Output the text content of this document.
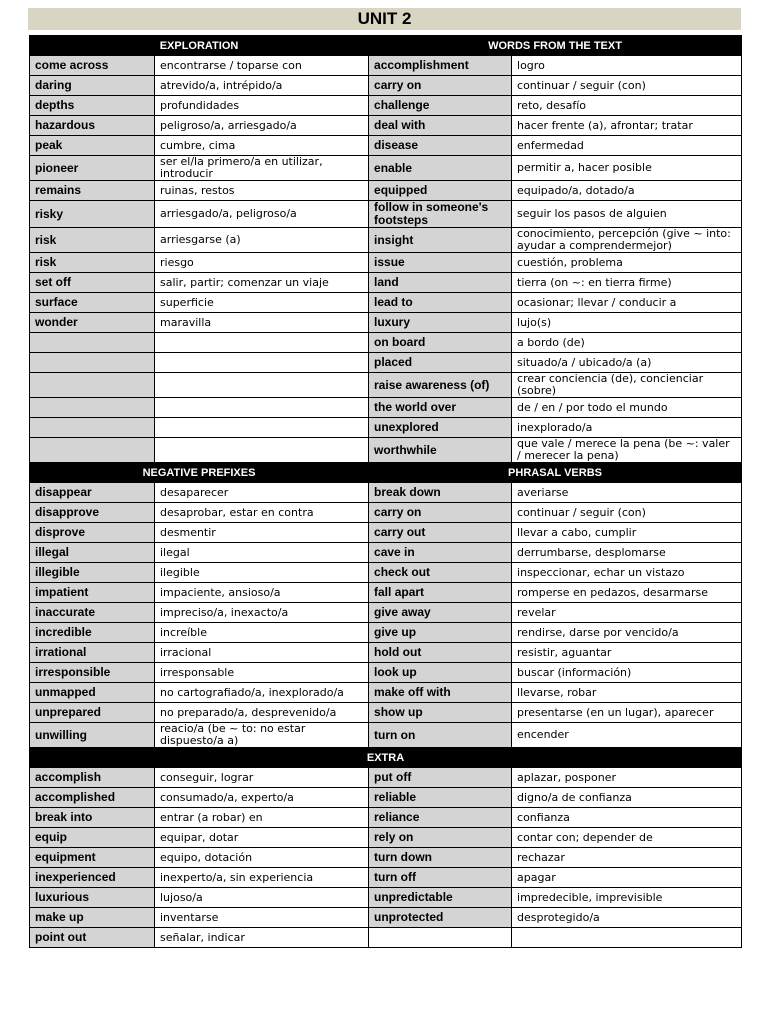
UNIT 2
EXPLORATION		WORDS FROM THE TEXT	
come across	encontrarse / toparse con	accomplishment	logro
daring	atrevido/a, intrépido/a	carry on	continuar / seguir (con)
depths	profundidades	challenge	reto, desafío
hazardous	peligroso/a, arriesgado/a	deal with	hacer frente (a), afrontar; tratar
peak	cumbre, cima	disease	enfermedad
pioneer	ser el/la primero/a en utilizar, introducir	enable	permitir a, hacer posible
remains	ruinas, restos	equipped	equipado/a, dotado/a
risky	arriesgado/a, peligroso/a	follow in someone's footsteps	seguir los pasos de alguien
risk	arriesgarse (a)	insight	conocimiento, percepción (give ~ into: ayudar a comprendermejor)
risk	riesgo	issue	cuestión, problema
set off	salir, partir; comenzar un viaje	land	tierra (on ~: en tierra firme)
surface	superficie	lead to	ocasionar; llevar / conducir a
wonder	maravilla	luxury	lujo(s)
		on board	a bordo (de)
		placed	situado/a / ubicado/a (a)
		raise awareness (of)	crear conciencia (de), concienciar (sobre)
		the world over	de / en / por todo el mundo
		unexplored	inexplorado/a
		worthwhile	que vale / merece la pena (be ~: valer / merecer la pena)
NEGATIVE PREFIXES		PHRASAL VERBS	
disappear	desaparecer	break down	averiarse
disapprove	desaprobar, estar en contra	carry on	continuar / seguir (con)
disprove	desmentir	carry out	llevar a cabo, cumplir
illegal	ilegal	cave in	derrumbarse, desplomarse
illegible	ilegible	check out	inspeccionar, echar un vistazo
impatient	impaciente, ansioso/a	fall apart	romperse en pedazos, desarmarse
inaccurate	impreciso/a, inexacto/a	give away	revelar
incredible	increíble	give up	rendirse, darse por vencido/a
irrational	irracional	hold out	resistir, aguantar
irresponsible	irresponsable	look up	buscar (información)
unmapped	no cartografiado/a, inexplorado/a	make off with	llevarse, robar
unprepared	no preparado/a, desprevenido/a	show up	presentarse (en un lugar), aparecer
unwilling	reacio/a (be ~ to: no estar dispuesto/a a)	turn on	encender
EXTRA			
accomplish	conseguir, lograr	put off	aplazar, posponer
accomplished	consumado/a, experto/a	reliable	digno/a de confianza
break into	entrar (a robar) en	reliance	confianza
equip	equipar, dotar	rely on	contar con; depender de
equipment	equipo, dotación	turn down	rechazar
inexperienced	inexperto/a, sin experiencia	turn off	apagar
luxurious	lujoso/a	unpredictable	impredecible, imprevisible
make up	inventarse	unprotected	desprotegido/a
point out	señalar, indicar		
